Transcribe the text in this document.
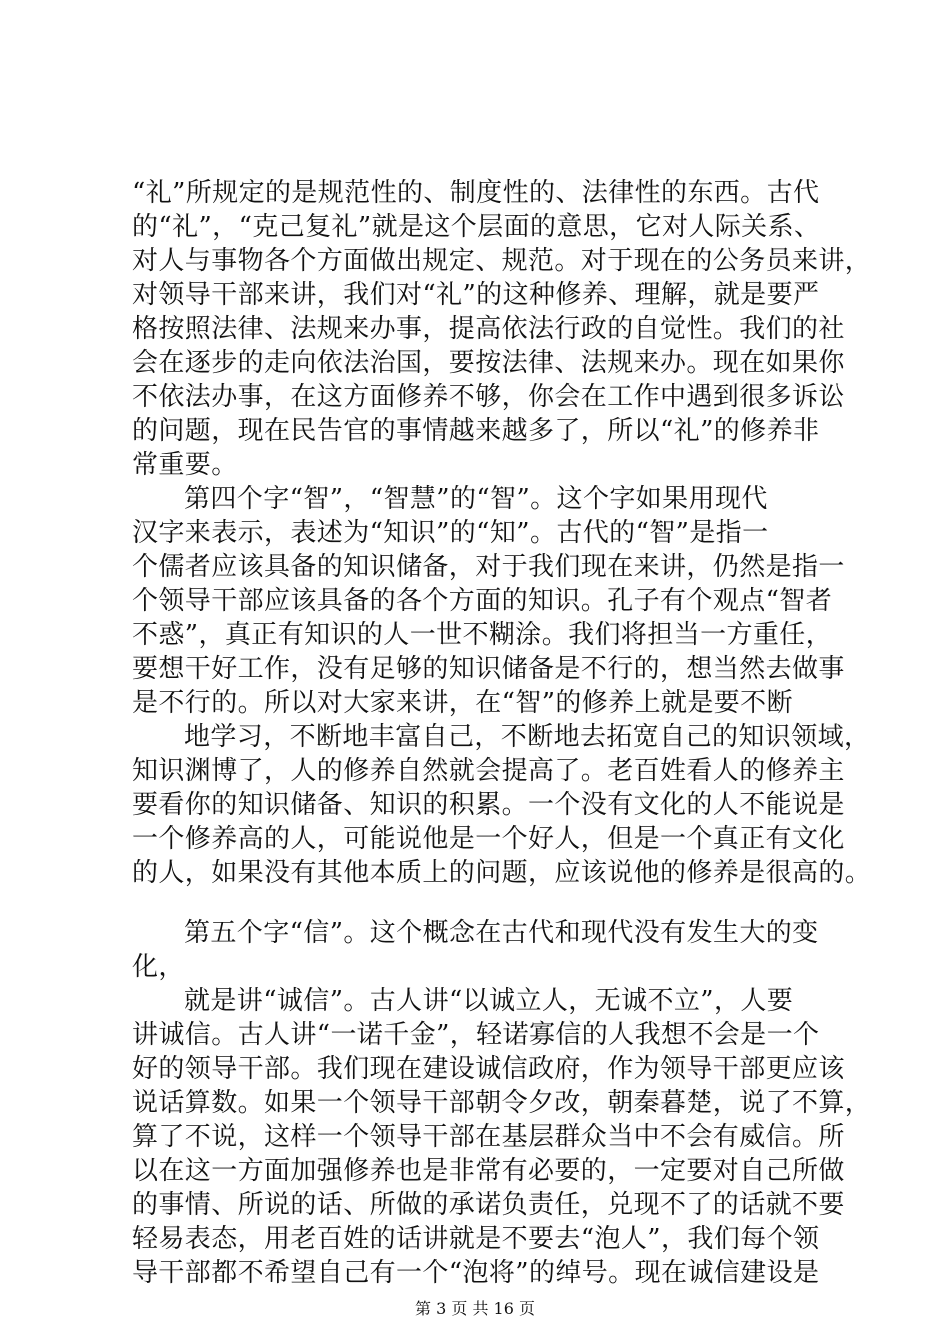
“礼”所规定的是规范性的、制度性的、法律性的东西。古代
的“礼”，“克己复礼”就是这个层面的意思，它对人际关系、
对人与事物各个方面做出规定、规范。对于现在的公务员来讲，
对领导干部来讲，我们对“礼”的这种修养、理解，就是要严
格按照法律、法规来办事，提高依法行政的自觉性。我们的社
会在逐步的走向依法治国，要按法律、法规来办。现在如果你
不依法办事，在这方面修养不够，你会在工作中遇到很多诉讼
的问题，现在民告官的事情越来越多了，所以“礼”的修养非
常重要。
第四个字“智”，“智慧”的“智”。这个字如果用现代
汉字来表示，表述为“知识”的“知”。古代的“智”是指一
个儒者应该具备的知识储备，对于我们现在来讲，仍然是指一
个领导干部应该具备的各个方面的知识。孔子有个观点“智者
不惑”，真正有知识的人一世不糊涂。我们将担当一方重任，
要想干好工作，没有足够的知识储备是不行的，想当然去做事
是不行的。所以对大家来讲，在“智”的修养上就是要不断
地学习，不断地丰富自己，不断地去拓宽自己的知识领域，
知识渊博了，人的修养自然就会提高了。老百姓看人的修养主
要看你的知识储备、知识的积累。一个没有文化的人不能说是
一个修养高的人，可能说他是一个好人，但是一个真正有文化
的人，如果没有其他本质上的问题，应该说他的修养是很高的。
第五个字“信”。这个概念在古代和现代没有发生大的变
化，
就是讲“诚信”。古人讲“以诚立人，无诚不立”，人要
讲诚信。古人讲“一诺千金”，轻诺寡信的人我想不会是一个
好的领导干部。我们现在建设诚信政府，作为领导干部更应该
说话算数。如果一个领导干部朝令夕改，朝秦暮楚，说了不算，
算了不说，这样一个领导干部在基层群众当中不会有威信。所
以在这一方面加强修养也是非常有必要的，一定要对自己所做
的事情、所说的话、所做的承诺负责任，兑现不了的话就不要
轻易表态，用老百姓的话讲就是不要去“泡人”，我们每个领
导干部都不希望自己有一个“泡将”的绰号。现在诚信建设是
第 3 页 共 16 页
